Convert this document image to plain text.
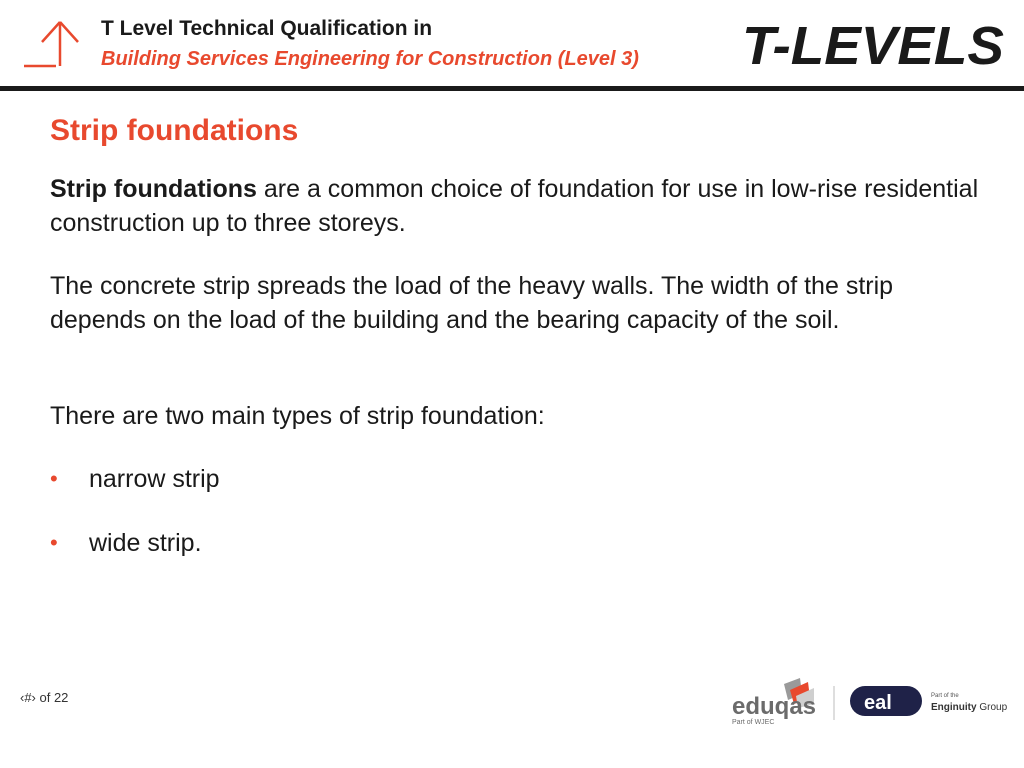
T Level Technical Qualification in
Building Services Engineering for Construction (Level 3) T-LEVELS
Strip foundations
Strip foundations are a common choice of foundation for use in low-rise residential construction up to three storeys.
The concrete strip spreads the load of the heavy walls. The width of the strip depends on the load of the building and the bearing capacity of the soil.
There are two main types of strip foundation:
• narrow strip
• wide strip.
‹#› of 22	eduqas
Part of WJEC
eal	Part of the
Enginuity Group
